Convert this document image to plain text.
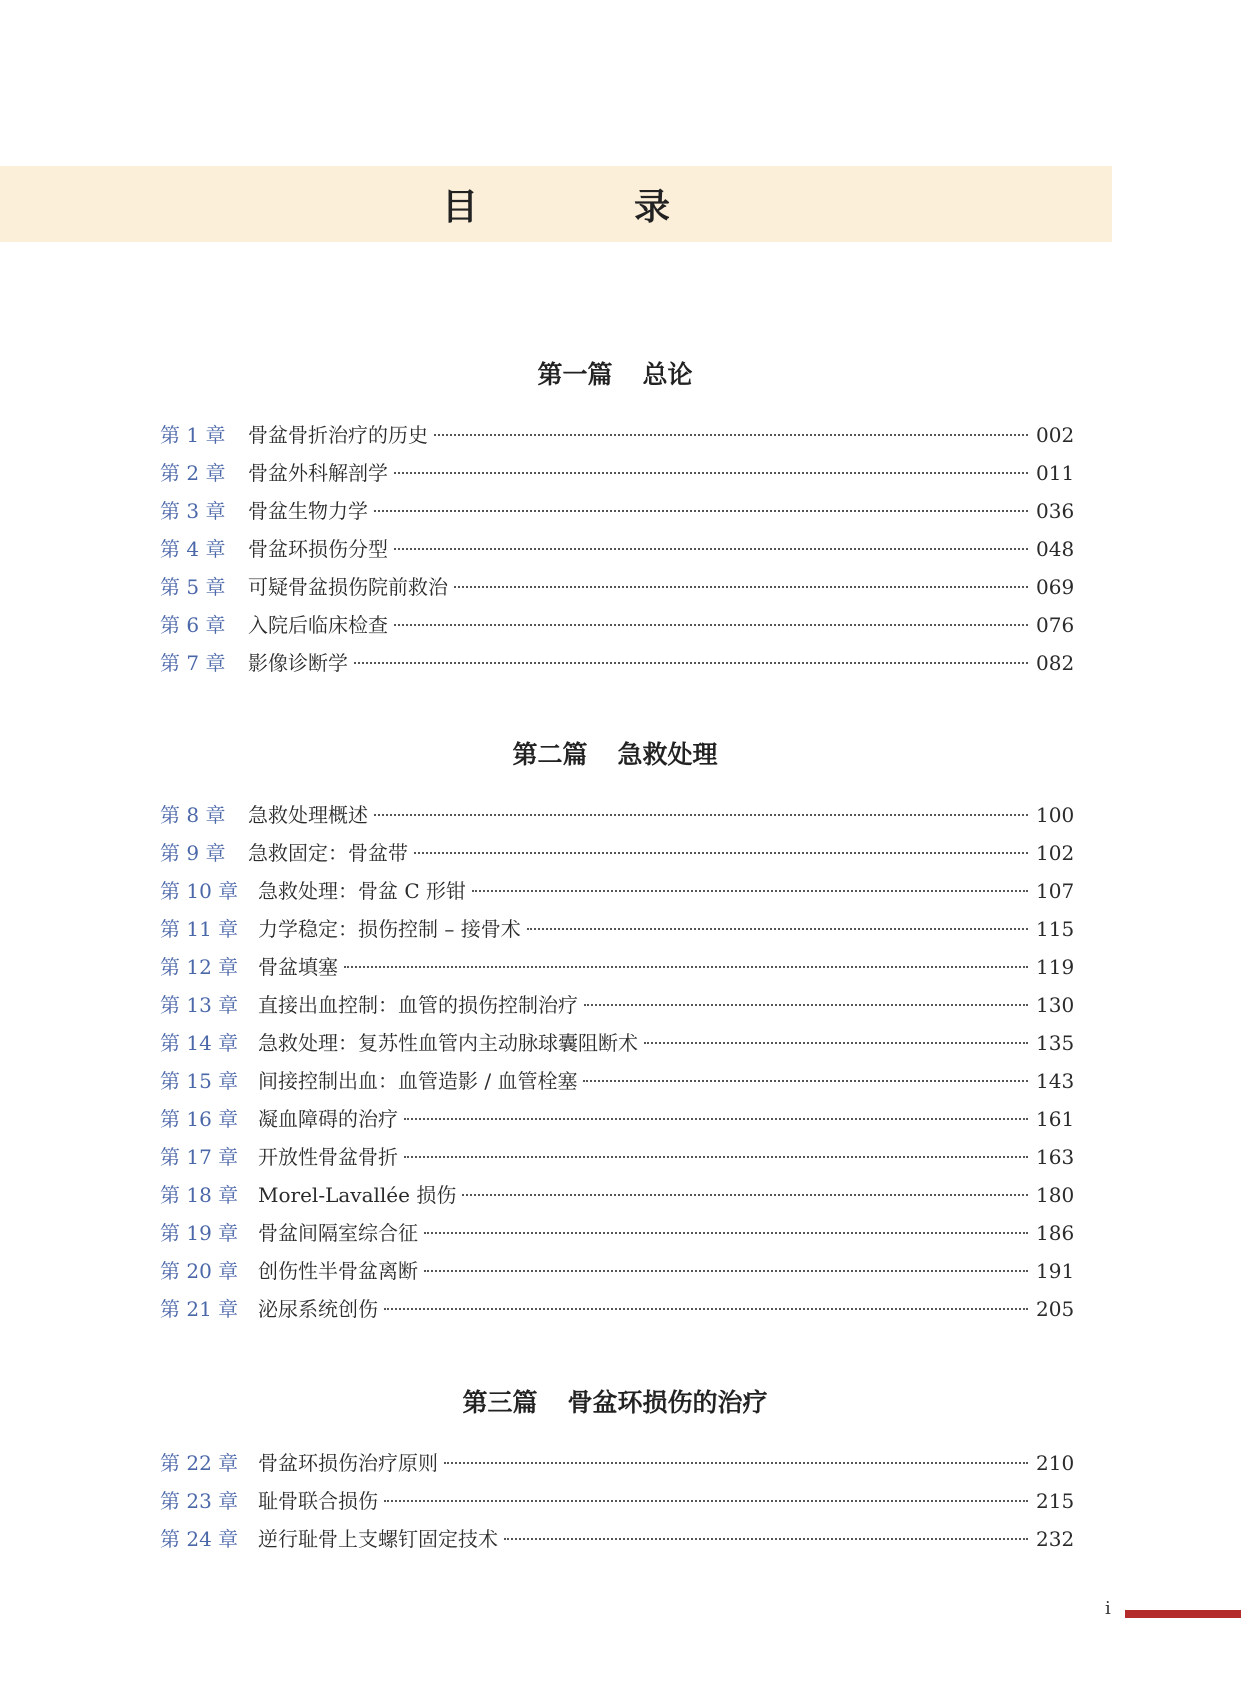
目　录
第一篇 总论
第 1 章	骨盆骨折治疗的历史	002
第 2 章	骨盆外科解剖学	011
第 3 章	骨盆生物力学	036
第 4 章	骨盆环损伤分型	048
第 5 章	可疑骨盆损伤院前救治	069
第 6 章	入院后临床检查	076
第 7 章	影像诊断学	082
第二篇 急救处理
第 8 章	急救处理概述	100
第 9 章	急救固定：骨盆带	102
第 10 章 急救处理：骨盆 C 形钳	107
第 11 章 力学稳定：损伤控制 – 接骨术	115
第 12 章 骨盆填塞	119
第 13 章 直接出血控制：血管的损伤控制治疗	130
第 14 章 急救处理：复苏性血管内主动脉球囊阻断术	135
第 15 章 间接控制出血：血管造影 / 血管栓塞	143
第 16 章 凝血障碍的治疗	161
第 17 章 开放性骨盆骨折	163
第 18 章 Morel-Lavallée 损伤	180
第 19 章 骨盆间隔室综合征	186
第 20 章 创伤性半骨盆离断	191
第 21 章 泌尿系统创伤	205
第三篇 骨盆环损伤的治疗
第 22 章 骨盆环损伤治疗原则	210
第 23 章 耻骨联合损伤	215
第 24 章 逆行耻骨上支螺钉固定技术	232
i
